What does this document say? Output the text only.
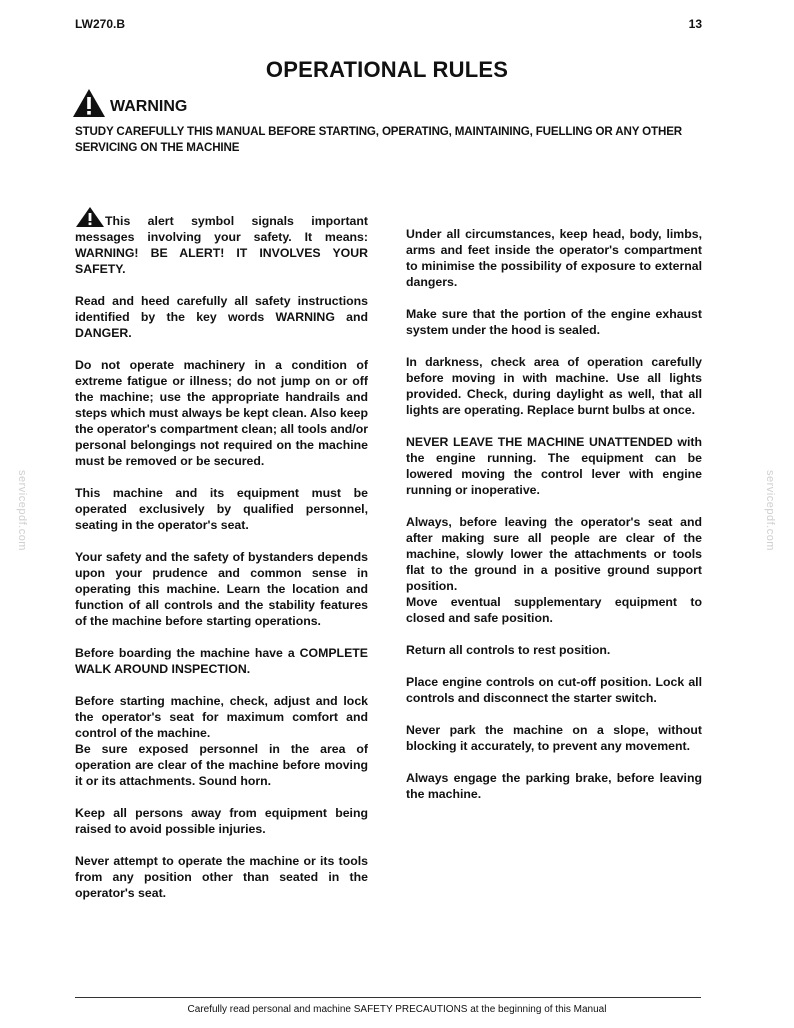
LW270.B	13
OPERATIONAL RULES
WARNING
STUDY CAREFULLY THIS MANUAL BEFORE STARTING, OPERATING, MAINTAINING, FUELLING OR ANY OTHER SERVICING ON THE MACHINE

This alert symbol signals important messages involving your safety. It means: WARNING! BE ALERT! IT INVOLVES YOUR SAFETY.

Read and heed carefully all safety instructions identified by the key words WARNING and DANGER.

Do not operate machinery in a condition of extreme fatigue or illness; do not jump on or off the machine; use the appropriate handrails and steps which must always be kept clean. Also keep the operator's compartment clean; all tools and/or personal belongings not required on the machine must be removed or be secured.

This machine and its equipment must be operated exclusively by qualified personnel, seating in the operator's seat.

Your safety and the safety of bystanders depends upon your prudence and common sense in operating this machine. Learn the location and function of all controls and the stability features of the machine before starting operations.

Before boarding the machine have a COMPLETE WALK AROUND INSPECTION.

Before starting machine, check, adjust and lock the operator's seat for maximum comfort and control of the machine.

Be sure exposed personnel in the area of operation are clear of the machine before moving it or its attachments. Sound horn.

Keep all persons away from equipment being raised to avoid possible injuries.

Never attempt to operate the machine or its tools from any position other than seated in the operator's seat.

Under all circumstances, keep head, body, limbs, arms and feet inside the operator's compartment to minimise the possibility of exposure to external dangers.

Make sure that the portion of the engine exhaust system under the hood is sealed.

In darkness, check area of operation carefully before moving in with machine. Use all lights provided. Check, during daylight as well, that all lights are operating. Replace burnt bulbs at once.

NEVER LEAVE THE MACHINE UNATTENDED with the engine running. The equipment can be lowered moving the control lever with engine running or inoperative.

Always, before leaving the operator's seat and after making sure all people are clear of the machine, slowly lower the attachments or tools flat to the ground in a positive ground support position.

Move eventual supplementary equipment to closed and safe position.

Return all controls to rest position.

Place engine controls on cut-off position. Lock all controls and disconnect the starter switch.

Never park the machine on a slope, without blocking it accurately, to prevent any movement.

Always engage the parking brake, before leaving the machine.

servicepdf.com	servicepdf.com
Carefully read personal and machine SAFETY PRECAUTIONS at the beginning of this Manual
